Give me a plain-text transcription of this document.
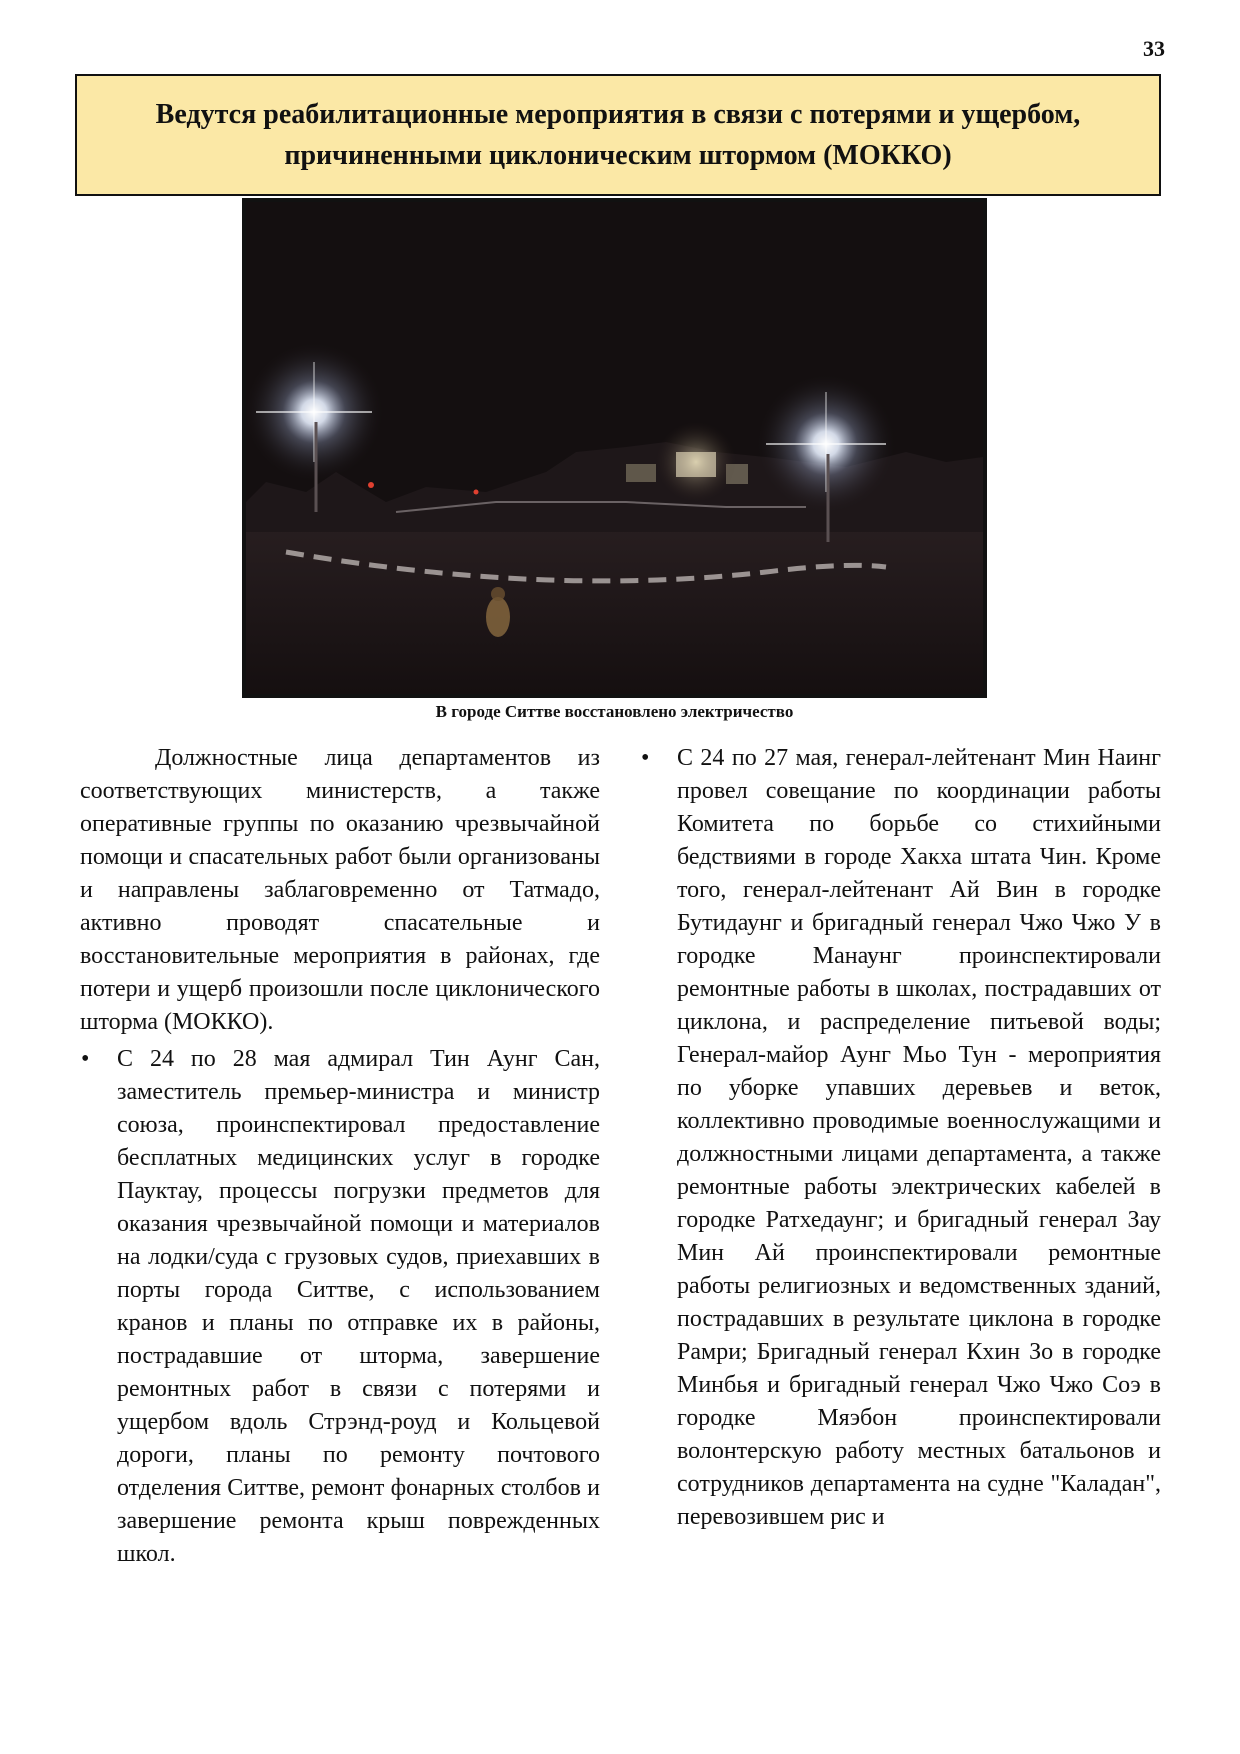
33
Ведутся реабилитационные мероприятия в связи с потерями и ущербом,
причиненными циклоническим штормом (МОККО)
В городе Ситтве восстановлено электричество

Должностные лица департаментов из соответствующих министерств, а также оперативные группы по оказанию чрезвычайной помощи и спасательных работ были организованы и направлены заблаговременно от Татмадо, активно проводят спасательные и восстановительные мероприятия в районах, где потери и ущерб произошли после циклонического шторма (МОККО).

• С 24 по 28 мая адмирал Тин Аунг Сан, заместитель премьер-министра и министр союза, проинспектировал предоставление бесплатных медицинских услуг в городке Пауктау, процессы погрузки предметов для оказания чрезвычайной помощи и материалов на лодки/суда с грузовых судов, приехавших в порты города Ситтве, с использованием кранов и планы по отправке их в районы, пострадавшие от шторма, завершение ремонтных работ в связи с потерями и ущербом вдоль Стрэнд-роуд и Кольцевой дороги, планы по ремонту почтового отделения Ситтве, ремонт фонарных столбов и завершение ремонта крыш поврежденных школ.

• С 24 по 27 мая, генерал-лейтенант Мин Наинг провел совещание по координации работы Комитета по борьбе со стихийными бедствиями в городе Хакха штата Чин. Кроме того, генерал-лейтенант Ай Вин в городке Бутидаунг и бригадный генерал Чжо Чжо У в городке Манаунг проинспектировали ремонтные работы в школах, пострадавших от циклона, и распределение питьевой воды; Генерал-майор Аунг Мьо Тун - мероприятия по уборке упавших деревьев и веток, коллективно проводимые военнослужащими и должностными лицами департамента, а также ремонтные работы электрических кабелей в городке Ратхедаунг; и бригадный генерал Зау Мин Ай проинспектировали ремонтные работы религиозных и ведомственных зданий, пострадавших в результате циклона в городке Рамри; Бригадный генерал Кхин Зо в городке Минбья и бригадный генерал Чжо Чжо Соэ в городке Мяэбон проинспектировали волонтерскую работу местных батальонов и сотрудников департамента на судне "Каладан", перевозившем рис и
